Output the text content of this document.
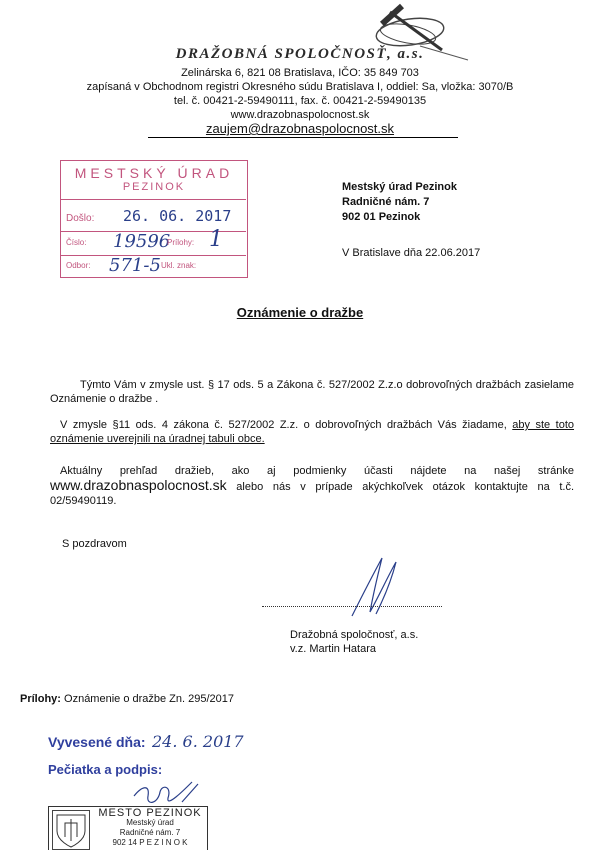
DRAŽOBNÁ SPOLOČNOSŤ, a.s.
Zelinárska 6, 821 08 Bratislava, IČO: 35 849 703
zapísaná v Obchodnom registri Okresného súdu Bratislava I, oddiel: Sa, vložka: 3070/B
tel. č. 00421-2-59490111, fax. č. 00421-2-59490135
www.drazobnaspolocnost.sk
zaujem@drazobnaspolocnost.sk
MESTSKÝ ÚRAD
PEZINOK
Došlo: 26. 06. 2017
Číslo: 19596
Prílohy: 1
Odbor: 571-5 Ukl. znak:
Mestský úrad Pezinok
Radničné nám. 7
902 01 Pezinok
V Bratislave dňa 22.06.2017
Oznámenie o dražbe
Týmto Vám v zmysle ust. § 17 ods. 5 a Zákona č. 527/2002 Z.z.o dobrovoľných dražbách zasielame Oznámenie o dražbe .
V zmysle §11 ods. 4 zákona č. 527/2002 Z.z. o dobrovoľných dražbách Vás žiadame, aby ste toto oznámenie uverejnili na úradnej tabuli obce.
Aktuálny prehľad dražieb, ako aj podmienky účasti nájdete na našej stránke www.drazobnaspolocnost.sk alebo nás v prípade akýchkoľvek otázok kontaktujte na t.č. 02/59490119.
S pozdravom
Dražobná spoločnosť, a.s.
v.z. Martin Hatara
Prílohy: Oznámenie o dražbe Zn. 295/2017
Vyvesené dňa: 24. 6. 2017
Pečiatka a podpis:
MESTO PEZINOK
Mestský úrad
Radničné nám. 7
902 14 P E Z I N O K
